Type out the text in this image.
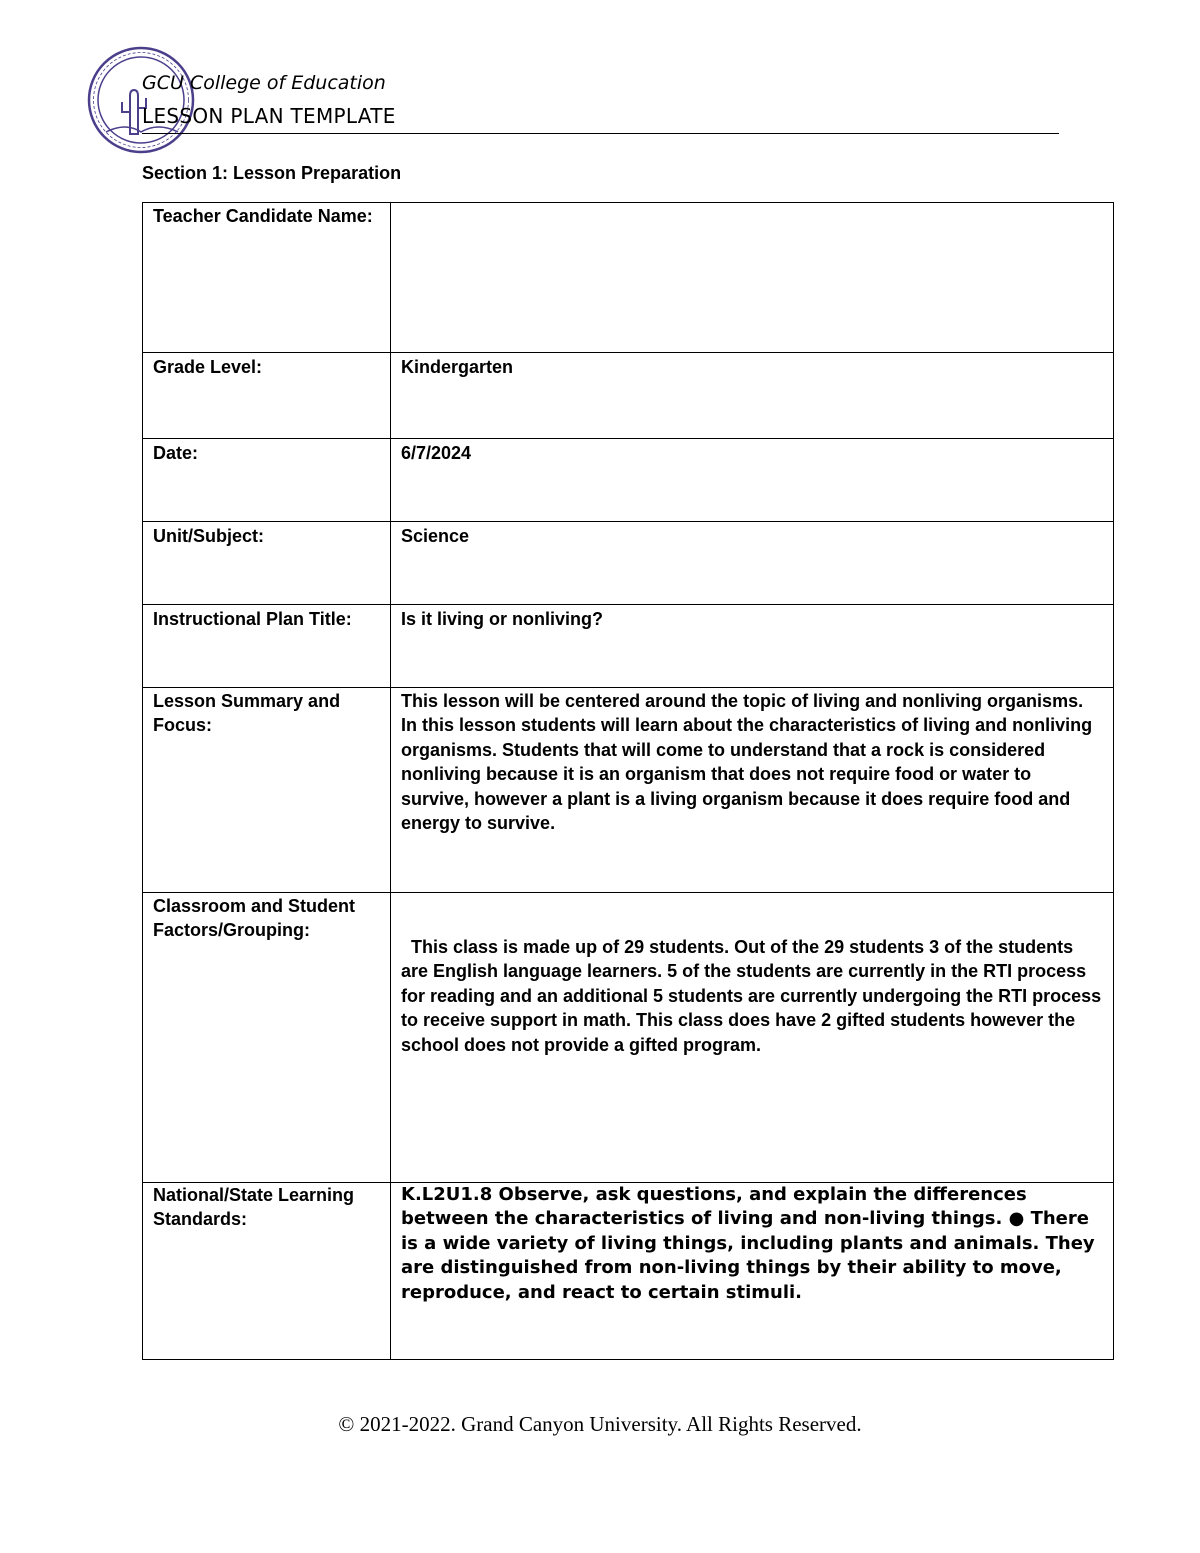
GCU College of Education
LESSON PLAN TEMPLATE
Section 1: Lesson Preparation
Teacher Candidate Name:	
Grade Level:	Kindergarten
Date:	6/7/2024
Unit/Subject:	Science
Instructional Plan Title:	Is it living or nonliving?
Lesson Summary and Focus:	This lesson will be centered around the topic of living and nonliving organisms. In this lesson students will learn about the characteristics of living and nonliving organisms. Students that will come to understand that a rock is considered nonliving because it is an organism that does not require food or water to survive, however a plant is a living organism because it does require food and energy to survive.
Classroom and Student Factors/Grouping:	This class is made up of 29 students. Out of the 29 students 3 of the students are English language learners. 5 of the students are currently in the RTI process for reading and an additional 5 students are currently undergoing the RTI process to receive support in math. This class does have 2 gifted students however the school does not provide a gifted program.
National/State Learning Standards:	K.L2U1.8 Observe, ask questions, and explain the differences between the characteristics of living and non-living things. ● There is a wide variety of living things, including plants and animals. They are distinguished from non-living things by their ability to move, reproduce, and react to certain stimuli.
© 2021-2022. Grand Canyon University. All Rights Reserved.
